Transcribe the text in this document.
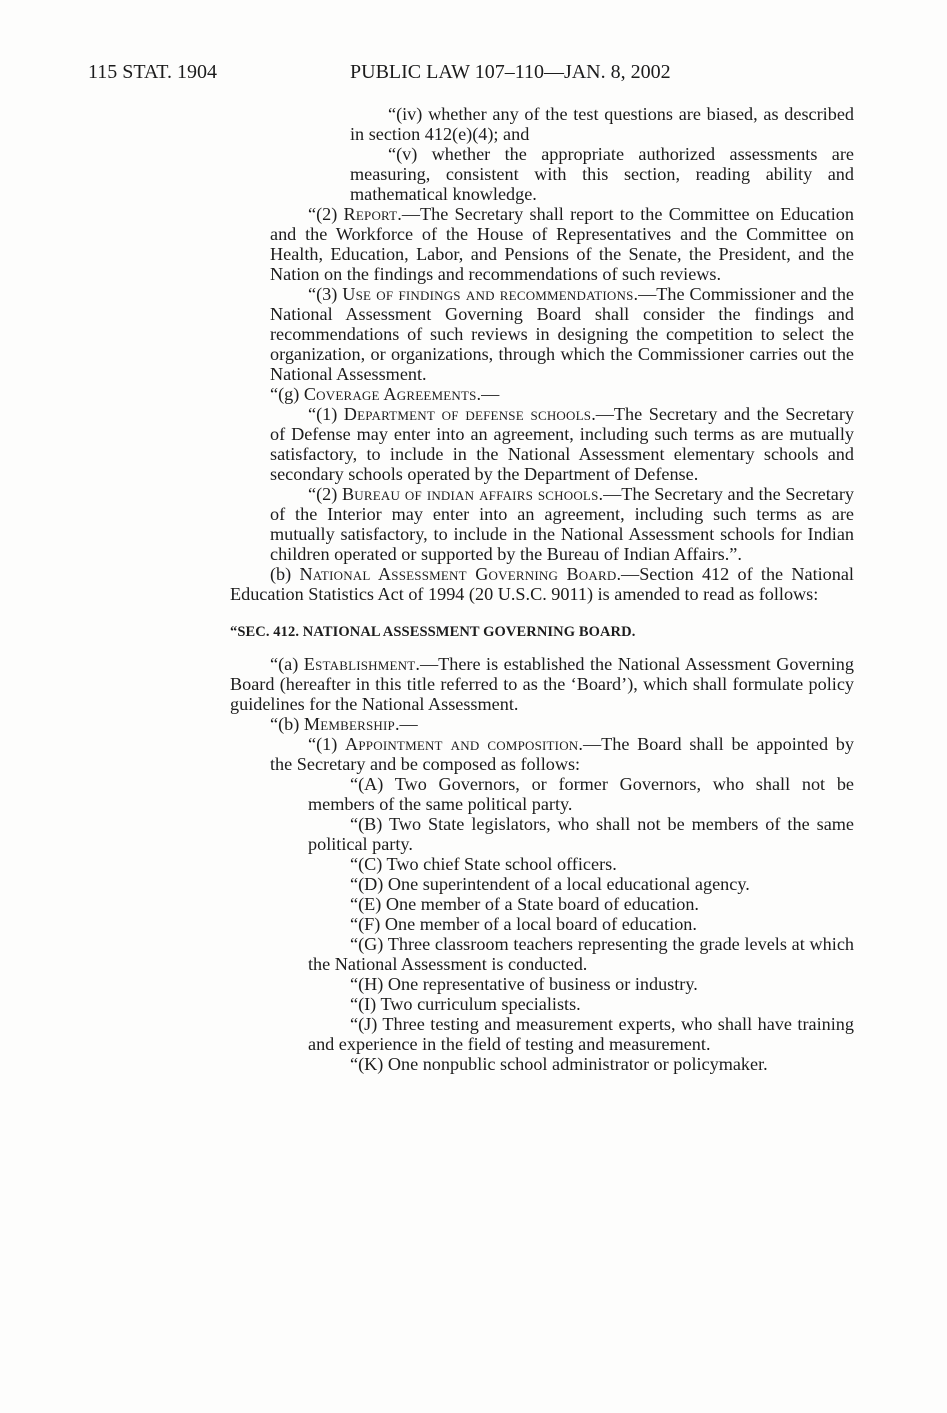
115 STAT. 1904	PUBLIC LAW 107–110—JAN. 8, 2002

“(iv) whether any of the test questions are biased, as described in section 412(e)(4); and

“(v) whether the appropriate authorized assessments are measuring, consistent with this section, reading ability and mathematical knowledge.

“(2) Report.—The Secretary shall report to the Committee on Education and the Workforce of the House of Representatives and the Committee on Health, Education, Labor, and Pensions of the Senate, the President, and the Nation on the findings and recommendations of such reviews.

“(3) Use of findings and recommendations.—The Commissioner and the National Assessment Governing Board shall consider the findings and recommendations of such reviews in designing the competition to select the organization, or organizations, through which the Commissioner carries out the National Assessment.

“(g) Coverage Agreements.—

“(1) Department of defense schools.—The Secretary and the Secretary of Defense may enter into an agreement, including such terms as are mutually satisfactory, to include in the National Assessment elementary schools and secondary schools operated by the Department of Defense.

“(2) Bureau of indian affairs schools.—The Secretary and the Secretary of the Interior may enter into an agreement, including such terms as are mutually satisfactory, to include in the National Assessment schools for Indian children operated or supported by the Bureau of Indian Affairs.”.

(b) National Assessment Governing Board.—Section 412 of the National Education Statistics Act of 1994 (20 U.S.C. 9011) is amended to read as follows:

“SEC. 412. NATIONAL ASSESSMENT GOVERNING BOARD.

“(a) Establishment.—There is established the National Assessment Governing Board (hereafter in this title referred to as the ‘Board’), which shall formulate policy guidelines for the National Assessment.

“(b) Membership.—

“(1) Appointment and composition.—The Board shall be appointed by the Secretary and be composed as follows:

“(A) Two Governors, or former Governors, who shall not be members of the same political party.

“(B) Two State legislators, who shall not be members of the same political party.

“(C) Two chief State school officers.

“(D) One superintendent of a local educational agency.

“(E) One member of a State board of education.

“(F) One member of a local board of education.

“(G) Three classroom teachers representing the grade levels at which the National Assessment is conducted.

“(H) One representative of business or industry.

“(I) Two curriculum specialists.

“(J) Three testing and measurement experts, who shall have training and experience in the field of testing and measurement.

“(K) One nonpublic school administrator or policymaker.
